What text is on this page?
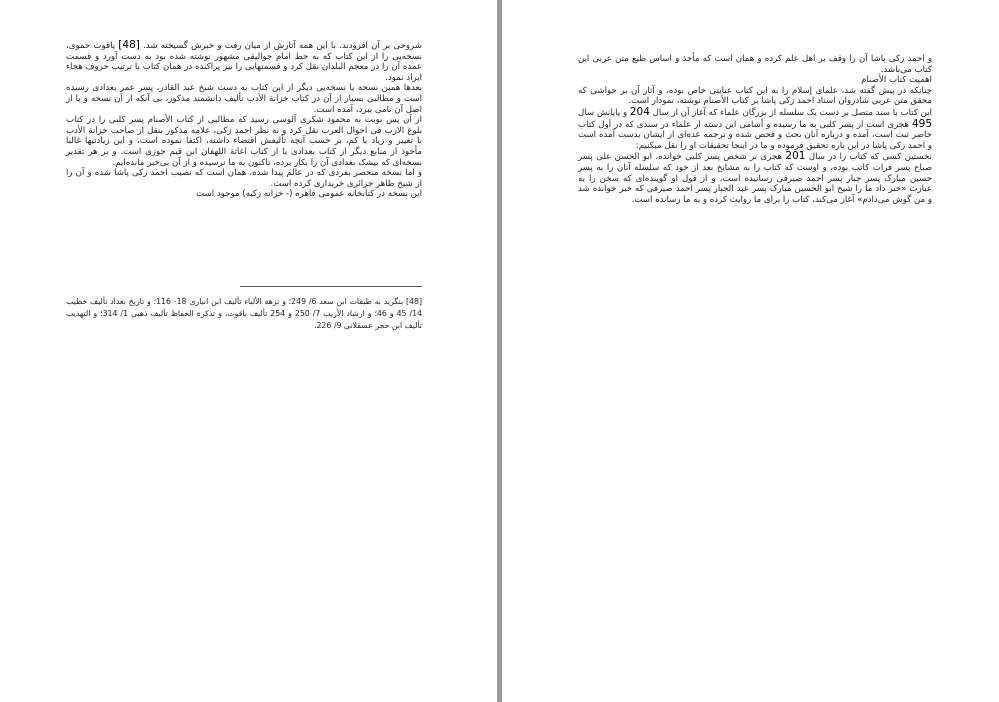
شروحی بر آن افزودند. با این همه آثارش از میان رفت و خبرش گسیخته شد. [48] یاقوت حموی، نسخه‌یی را از این کتاب که به خط امام جوالیقی مشهور نوشته شده بود به دست آورد و قسمت عمده آن را در معجم البلدان نقل کرد و قسمتهایی را نیز پراکنده در همان کتاب با ترتیب حروف هجاء ایراد نمود.

بعدها همین نسخه یا نسخه‌یی دیگر از این کتاب به دست شیخ عبد القادر، پسر عمر بغدادی رسیده است و مطالبی بسیار از آن در کتاب خزانة الأدب تألیف دانشمند مذکور، بی آنکه از آن نسخه و یا از اصل آن نامی ببرد، آمده است.

از آن پس نوبت به محمود شکری آلوسی رسید که مطالبی از کتاب الأصنام پسر کلبی را در کتاب بلوغ الارب فی احوال العرب نقل کرد و به نظر احمد زکی، علامه مذکور بنقل از صاحب خزانة الأدب با تغییر و زیاد یا کم، بر حسب آنچه تألیفش اقتضاء داشته، اکتفا نموده است، و این زیادتیها غالبا مأخوذ از منابع دیگر از کتاب بغدادی یا از کتاب اغاثة اللهفان ابن قیم جوزی است. و بر هر تقدیر نسخه‌ای که بیشک بغدادی آن را بکار برده، تاکنون به ما نرسیده و از آن بی‌خبر مانده‌ایم.

و اما نسخه منحصر بفردی که در عالم پیدا شده، همان است که نصیب احمد زکی پاشا شده و آن را از شیخ طاهر جزائری خریداری کرده است.

این نسخه در کتابخانه عمومی قاهره (- خزانه زکیه) موجود است

[48] بنگرید به طبقات ابن سعد 6/ 249؛ و نزهة الألباء تألیف ابن انباری 18- 116؛ و تاریخ بغداد تألیف خطیب 14/ 45 و 46؛ و ارشاد الأریب 7/ 250 و 254 تألیف یاقوت، و تذکرة الحفاظ تألیف ذهبی 1/ 314؛ و التهذیب تألیف ابن حجر عسقلانی 9/ 226.

و احمد زکی پاشا آن را وقف بر اهل علم کرده و همان است که مأخذ و اساس طبع متن عربی این کتاب می‌باشد.

اهمیت کتاب الأصنام

چنانکه در پیش گفته شد، علمای إسلام را به این کتاب عنایتی خاص بوده، و آثار آن بر حواشی که محقق متن عربی شادروان استاد احمد زکی پاشا بر کتاب الأصنام نوشته، نمودار است.

این کتاب با سند متصل بر دست یک سلسله از بزرگان علماء که آغاز آن از سال 204 و پایانش سال 495 هجری است از پسر کلبی به ما رسیده و أسامی این دسته از علماء در سندی که در أول کتاب حاضر ثبت است، آمده و درباره آنان بحث و فحص شده و ترجمه عده‌ای از ایشان بدست آمده است و احمد زکی پاشا در این باره تحقیق فرموده و ما در اینجا تحقیقات او را نقل میکنیم:

نخستین کسی که کتاب را در سال 201 هجری بر شخص پسر کلبی خوانده، ابو الحسن علی پسر صباح پسر فرات کاتب بوده، و اوست که کتاب را به مشایخ بعد از خود که سلسله آنان را به پسر حسین مبارک پسر جبار پسر احمد صیرفی رسانیده است، و از قول او گوینده‌ای که سخن را به عبارت «خبر داد ما را شیخ ابو الحسین مبارک پسر عبد الجبار پسر احمد صیرفی که خبر خوانده شد و من گوش می‌دادم» آغاز می‌کند، کتاب را برای ما روایت کرده و به ما رسانده است.
